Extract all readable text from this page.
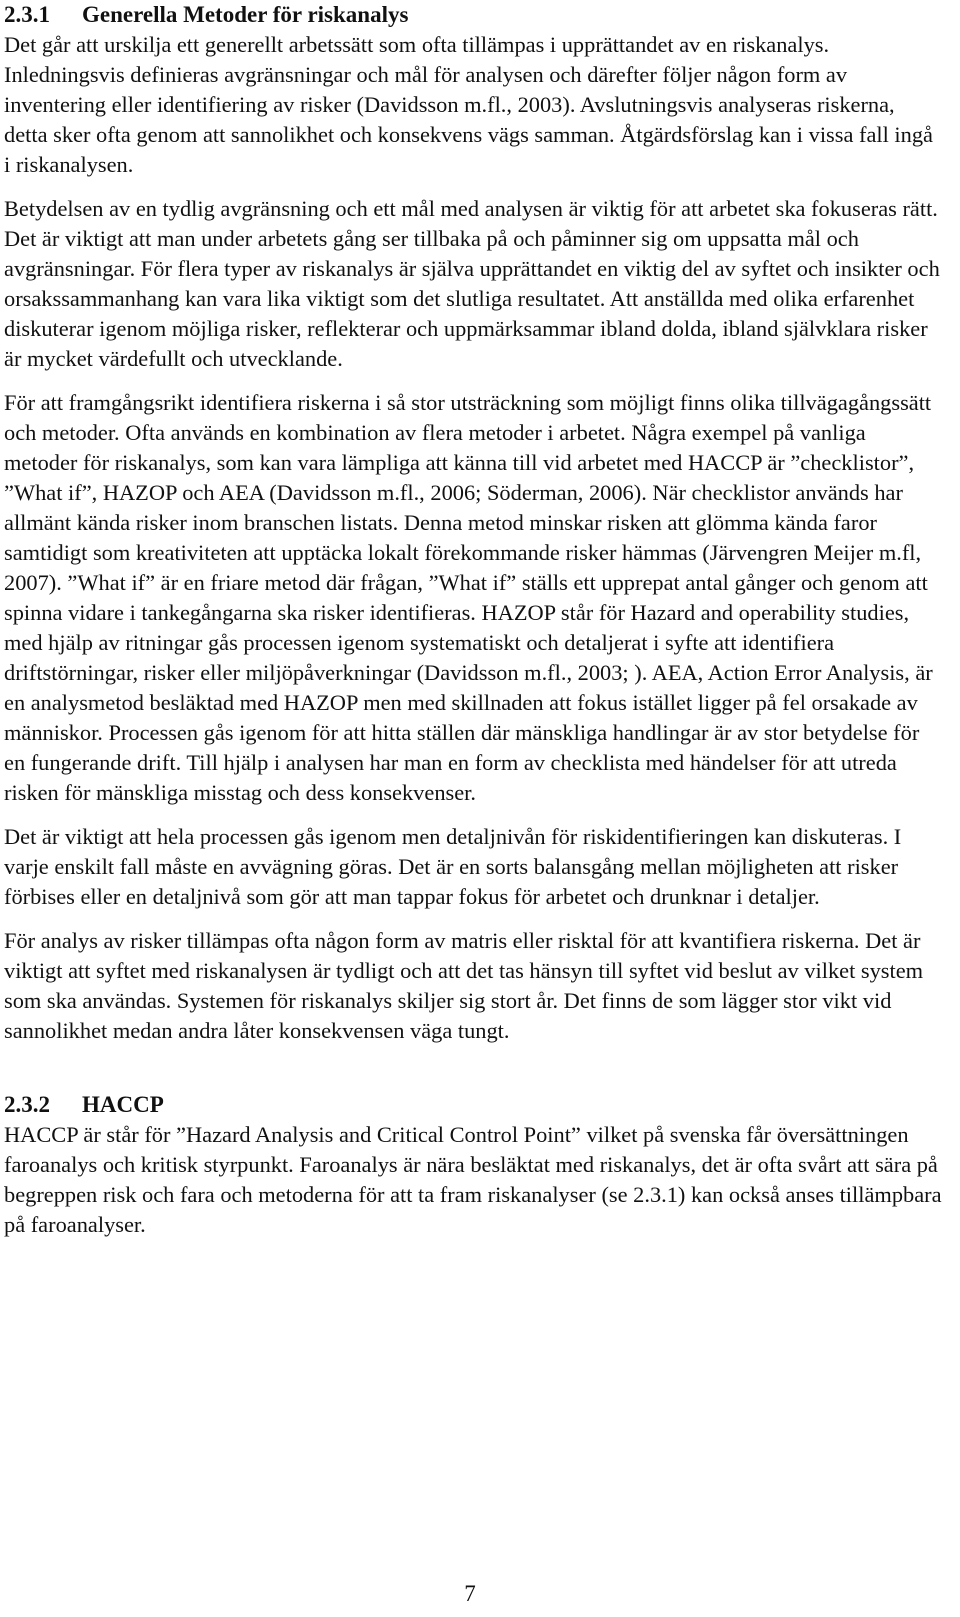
2.3.1 Generella Metoder för riskanalys

Det går att urskilja ett generellt arbetssätt som ofta tillämpas i upprättandet av en riskanalys. Inledningsvis definieras avgränsningar och mål för analysen och därefter följer någon form av inventering eller identifiering av risker (Davidsson m.fl., 2003). Avslutningsvis analyseras riskerna, detta sker ofta genom att sannolikhet och konsekvens vägs samman. Åtgärdsförslag kan i vissa fall ingå i riskanalysen.

Betydelsen av en tydlig avgränsning och ett mål med analysen är viktig för att arbetet ska fokuseras rätt. Det är viktigt att man under arbetets gång ser tillbaka på och påminner sig om uppsatta mål och avgränsningar. För flera typer av riskanalys är själva upprättandet en viktig del av syftet och insikter och orsakssammanhang kan vara lika viktigt som det slutliga resultatet. Att anställda med olika erfarenhet diskuterar igenom möjliga risker, reflekterar och uppmärksammar ibland dolda, ibland självklara risker är mycket värdefullt och utvecklande.

För att framgångsrikt identifiera riskerna i så stor utsträckning som möjligt finns olika tillvägagångssätt och metoder. Ofta används en kombination av flera metoder i arbetet. Några exempel på vanliga metoder för riskanalys, som kan vara lämpliga att känna till vid arbetet med HACCP är ”checklistor”, ”What if”, HAZOP och AEA (Davidsson m.fl., 2006; Söderman, 2006). När checklistor används har allmänt kända risker inom branschen listats. Denna metod minskar risken att glömma kända faror samtidigt som kreativiteten att upptäcka lokalt förekommande risker hämmas (Järvengren Meijer m.fl, 2007). ”What if” är en friare metod där frågan, ”What if” ställs ett upprepat antal gånger och genom att spinna vidare i tankegångarna ska risker identifieras. HAZOP står för Hazard and operability studies, med hjälp av ritningar gås processen igenom systematiskt och detaljerat i syfte att identifiera driftstörningar, risker eller miljöpåverkningar (Davidsson m.fl., 2003; ). AEA, Action Error Analysis, är en analysmetod besläktad med HAZOP men med skillnaden att fokus istället ligger på fel orsakade av människor. Processen gås igenom för att hitta ställen där mänskliga handlingar är av stor betydelse för en fungerande drift. Till hjälp i analysen har man en form av checklista med händelser för att utreda risken för mänskliga misstag och dess konsekvenser.

Det är viktigt att hela processen gås igenom men detaljnivån för riskidentifieringen kan diskuteras. I varje enskilt fall måste en avvägning göras. Det är en sorts balansgång mellan möjligheten att risker förbises eller en detaljnivå som gör att man tappar fokus för arbetet och drunknar i detaljer.

För analys av risker tillämpas ofta någon form av matris eller risktal för att kvantifiera riskerna. Det är viktigt att syftet med riskanalysen är tydligt och att det tas hänsyn till syftet vid beslut av vilket system som ska användas. Systemen för riskanalys skiljer sig stort år. Det finns de som lägger stor vikt vid sannolikhet medan andra låter konsekvensen väga tungt.

2.3.2 HACCP

HACCP är står för ”Hazard Analysis and Critical Control Point” vilket på svenska får översättningen faroanalys och kritisk styrpunkt. Faroanalys är nära besläktat med riskanalys, det är ofta svårt att sära på begreppen risk och fara och metoderna för att ta fram riskanalyser (se 2.3.1) kan också anses tillämpbara på faroanalyser.

7
